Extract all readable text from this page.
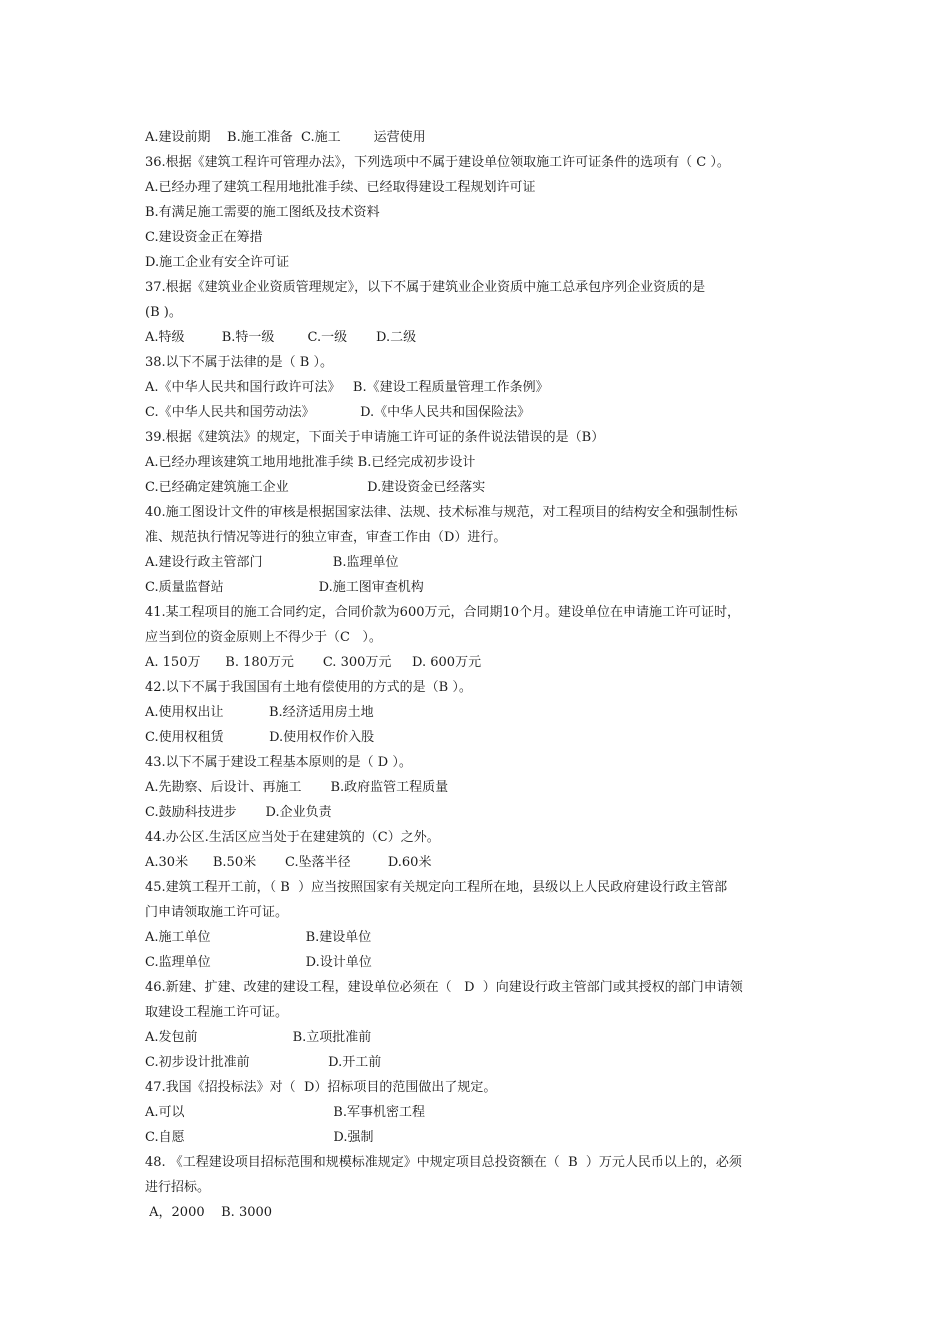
A.建设前期    B.施工准备  C.施工        运营使用
36.根据《建筑工程许可管理办法》，下列选项中不属于建设单位领取施工许可证条件的选项有（ C ）。
A.已经办理了建筑工程用地批准手续、已经取得建设工程规划许可证
B.有满足施工需要的施工图纸及技术资料
C.建设资金正在筹措
D.施工企业有安全许可证
37.根据《建筑业企业资质管理规定》，以下不属于建筑业企业资质中施工总承包序列企业资质的是
(B )。
A.特级         B.特一级        C.一级       D.二级
38.以下不属于法律的是（ B ）。
A.《中华人民共和国行政许可法》   B.《建设工程质量管理工作条例》
C.《中华人民共和国劳动法》           D.《中华人民共和国保险法》
39.根据《建筑法》的规定，下面关于申请施工许可证的条件说法错误的是（B）
A.已经办理该建筑工地用地批准手续 B.已经完成初步设计
C.已经确定建筑施工企业                   D.建设资金已经落实
40.施工图设计文件的审核是根据国家法律、法规、技术标准与规范，对工程项目的结构安全和强制性标
准、规范执行情况等进行的独立审查，审查工作由（D）进行。
A.建设行政主管部门                 B.监理单位
C.质量监督站                       D.施工图审查机构
41.某工程项目的施工合同约定，合同价款为600万元，合同期10个月。建设单位在申请施工许可证时，
应当到位的资金原则上不得少于（C   ）。
A. 150万      B. 180万元       C. 300万元     D. 600万元
42.以下不属于我国国有土地有偿使用的方式的是（B ）。
A.使用权出让           B.经济适用房土地
C.使用权租赁           D.使用权作价入股
43.以下不属于建设工程基本原则的是（ D ）。
A.先勘察、后设计、再施工       B.政府监管工程质量
C.鼓励科技进步       D.企业负责
44.办公区.生活区应当处于在建建筑的（C）之外。
A.30米      B.50米       C.坠落半径         D.60米
45.建筑工程开工前，（ B  ）应当按照国家有关规定向工程所在地，县级以上人民政府建设行政主管部
门申请领取施工许可证。
A.施工单位                       B.建设单位
C.监理单位                       D.设计单位
46.新建、扩建、改建的建设工程，建设单位必须在（   D  ）向建设行政主管部门或其授权的部门申请领
取建设工程施工许可证。
A.发包前                       B.立项批准前
C.初步设计批准前                   D.开工前
47.我国《招投标法》对（  D）招标项目的范围做出了规定。
A.可以                                    B.军事机密工程
C.自愿                                    D.强制
48. 《工程建设项目招标范围和规模标准规定》中规定项目总投资额在（  B  ）万元人民币以上的，必须
进行招标。
A，2000    B. 3000
